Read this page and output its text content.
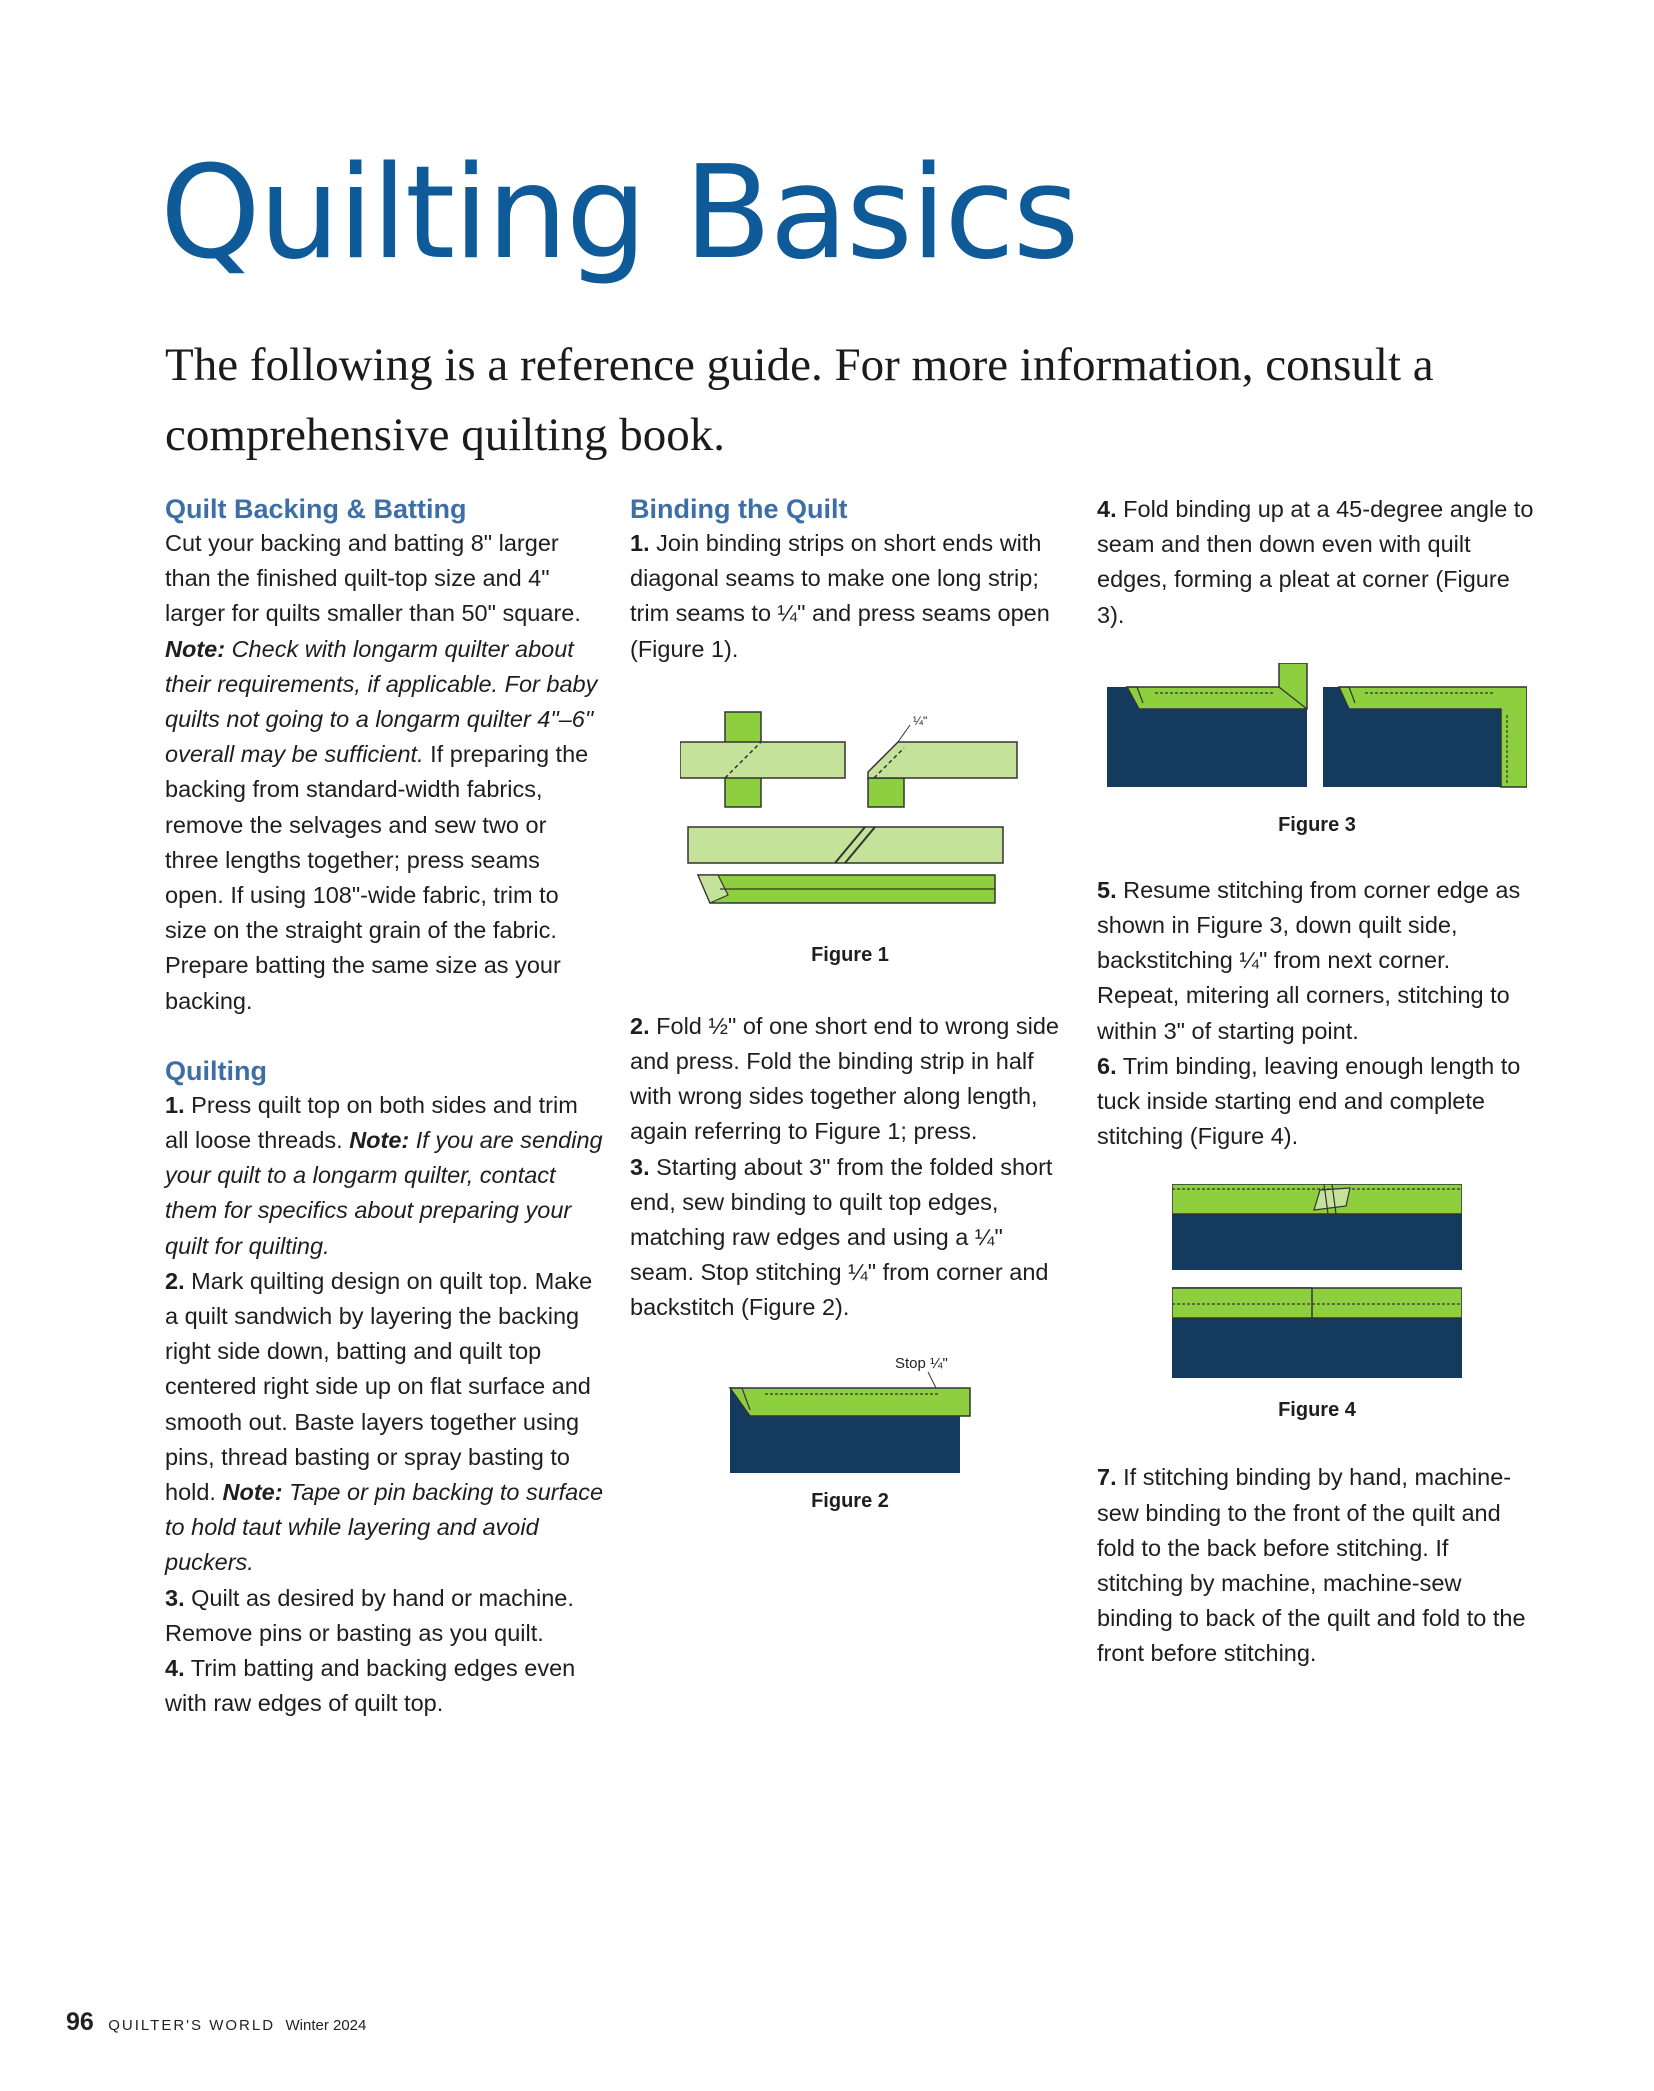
Quilting Basics

The following is a reference guide. For more information, consult a comprehensive quilting book.

Quilt Backing & Batting

Cut your backing and batting 8" larger than the finished quilt-top size and 4" larger for quilts smaller than 50" square. Note: Check with longarm quilter about their requirements, if applicable. For baby quilts not going to a longarm quilter 4"–6" overall may be sufficient. If preparing the backing from standard-width fabrics, remove the selvages and sew two or three lengths together; press seams open. If using 108"-wide fabric, trim to size on the straight grain of the fabric. Prepare batting the same size as your backing.

Quilting

1. Press quilt top on both sides and trim all loose threads. Note: If you are sending your quilt to a longarm quilter, contact them for specifics about preparing your quilt for quilting.

2. Mark quilting design on quilt top. Make a quilt sandwich by layering the backing right side down, batting and quilt top centered right side up on flat surface and smooth out. Baste layers together using pins, thread basting or spray basting to hold. Note: Tape or pin backing to surface to hold taut while layering and avoid puckers.

3. Quilt as desired by hand or machine. Remove pins or basting as you quilt.

4. Trim batting and backing edges even with raw edges of quilt top.

Binding the Quilt

1. Join binding strips on short ends with diagonal seams to make one long strip; trim seams to ¼" and press seams open (Figure 1).

¼"

Figure 1

2. Fold ½" of one short end to wrong side and press. Fold the binding strip in half with wrong sides together along length, again referring to Figure 1; press.

3. Starting about 3" from the folded short end, sew binding to quilt top edges, matching raw edges and using a ¼" seam. Stop stitching ¼" from corner and backstitch (Figure 2).

Stop ¼"

Figure 2

4. Fold binding up at a 45-degree angle to seam and then down even with quilt edges, forming a pleat at corner (Figure 3).

Figure 3

5. Resume stitching from corner edge as shown in Figure 3, down quilt side, backstitching ¼" from next corner. Repeat, mitering all corners, stitching to within 3" of starting point.

6. Trim binding, leaving enough length to tuck inside starting end and complete stitching (Figure 4).

Figure 4

7. If stitching binding by hand, machine-sew binding to the front of the quilt and fold to the back before stitching. If stitching by machine, machine-sew binding to back of the quilt and fold to the front before stitching.

96 QUILTER'S WORLD Winter 2024
